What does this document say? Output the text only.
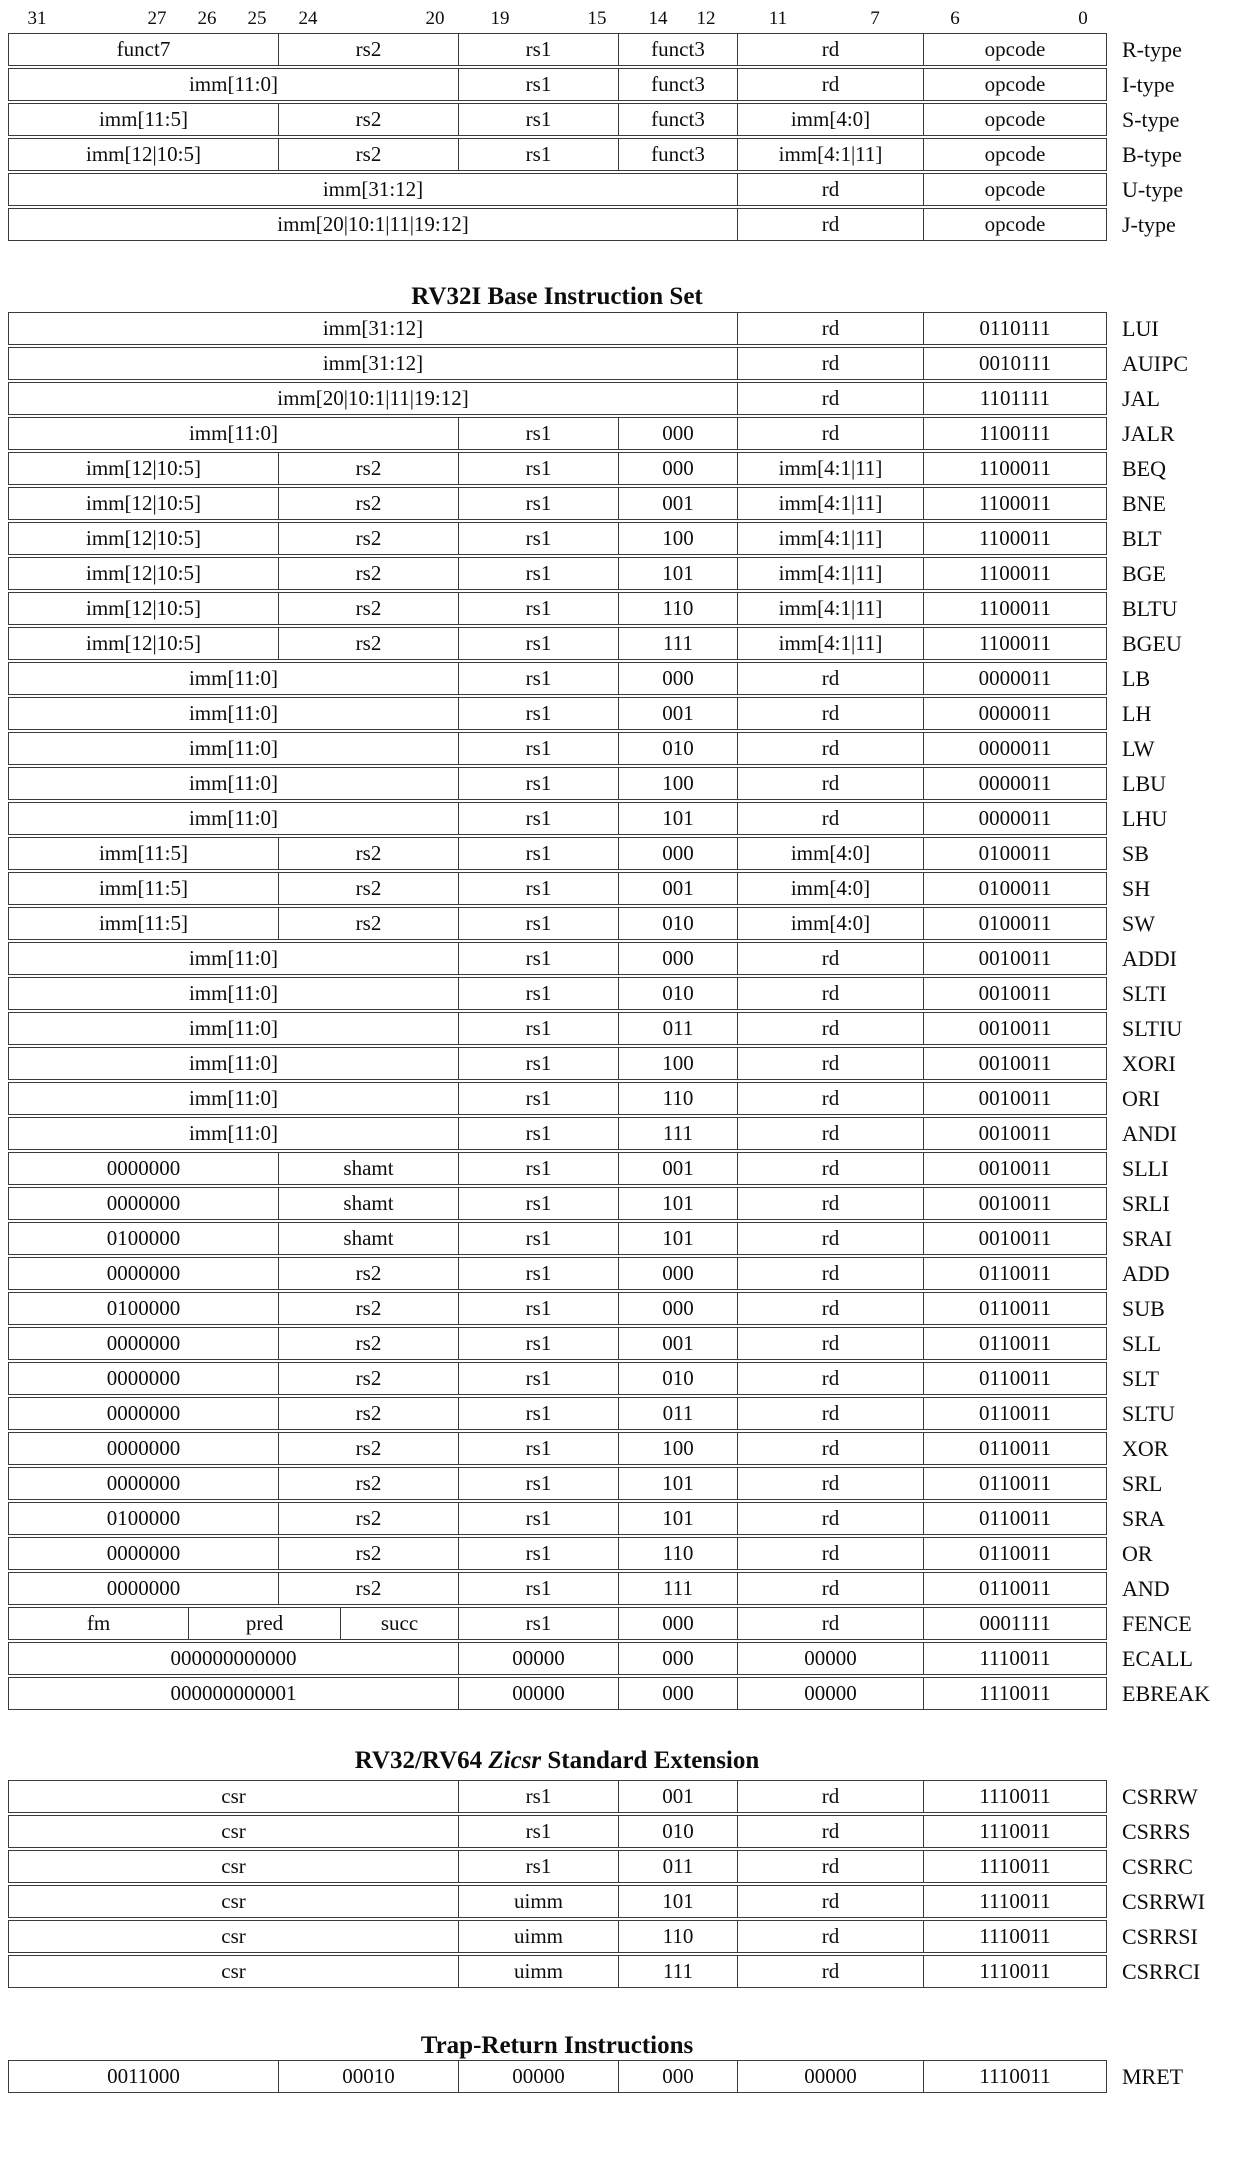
31	27 26 25 24	20 19	15 14 12	11	7	6	0
funct7	rs2	rs1	funct3	rd	opcode	R-type
imm[11:0]	rs1	funct3	rd	opcode	I-type
imm[11:5]	rs2	rs1	funct3	imm[4:0]	opcode	S-type
imm[12|10:5]	rs2	rs1	funct3	imm[4:1|11]	opcode	B-type
imm[31:12]	rd	opcode	U-type
imm[20|10:1|11|19:12]	rd	opcode	J-type
RV32I Base Instruction Set
imm[31:12]	rd	0110111	LUI
imm[31:12]	rd	0010111	AUIPC
imm[20|10:1|11|19:12]	rd	1101111	JAL
imm[11:0]	rs1	000	rd	1100111	JALR
imm[12|10:5]	rs2	rs1	000	imm[4:1|11]	1100011	BEQ
imm[12|10:5]	rs2	rs1	001	imm[4:1|11]	1100011	BNE
imm[12|10:5]	rs2	rs1	100	imm[4:1|11]	1100011	BLT
imm[12|10:5]	rs2	rs1	101	imm[4:1|11]	1100011	BGE
imm[12|10:5]	rs2	rs1	110	imm[4:1|11]	1100011	BLTU
imm[12|10:5]	rs2	rs1	111	imm[4:1|11]	1100011	BGEU
imm[11:0]	rs1	000	rd	0000011	LB
imm[11:0]	rs1	001	rd	0000011	LH
imm[11:0]	rs1	010	rd	0000011	LW
imm[11:0]	rs1	100	rd	0000011	LBU
imm[11:0]	rs1	101	rd	0000011	LHU
imm[11:5]	rs2	rs1	000	imm[4:0]	0100011	SB
imm[11:5]	rs2	rs1	001	imm[4:0]	0100011	SH
imm[11:5]	rs2	rs1	010	imm[4:0]	0100011	SW
imm[11:0]	rs1	000	rd	0010011	ADDI
imm[11:0]	rs1	010	rd	0010011	SLTI
imm[11:0]	rs1	011	rd	0010011	SLTIU
imm[11:0]	rs1	100	rd	0010011	XORI
imm[11:0]	rs1	110	rd	0010011	ORI
imm[11:0]	rs1	111	rd	0010011	ANDI
0000000	shamt	rs1	001	rd	0010011	SLLI
0000000	shamt	rs1	101	rd	0010011	SRLI
0100000	shamt	rs1	101	rd	0010011	SRAI
0000000	rs2	rs1	000	rd	0110011	ADD
0100000	rs2	rs1	000	rd	0110011	SUB
0000000	rs2	rs1	001	rd	0110011	SLL
0000000	rs2	rs1	010	rd	0110011	SLT
0000000	rs2	rs1	011	rd	0110011	SLTU
0000000	rs2	rs1	100	rd	0110011	XOR
0000000	rs2	rs1	101	rd	0110011	SRL
0100000	rs2	rs1	101	rd	0110011	SRA
0000000	rs2	rs1	110	rd	0110011	OR
0000000	rs2	rs1	111	rd	0110011	AND
fm	pred	succ	rs1	000	rd	0001111	FENCE
000000000000	00000	000	00000	1110011	ECALL
000000000001	00000	000	00000	1110011	EBREAK
RV32/RV64 Zicsr Standard Extension
csr	rs1	001	rd	1110011	CSRRW
csr	rs1	010	rd	1110011	CSRRS
csr	rs1	011	rd	1110011	CSRRC
csr	uimm	101	rd	1110011	CSRRWI
csr	uimm	110	rd	1110011	CSRRSI
csr	uimm	111	rd	1110011	CSRRCI
Trap-Return Instructions
0011000	00010	00000	000	00000	1110011	MRET
